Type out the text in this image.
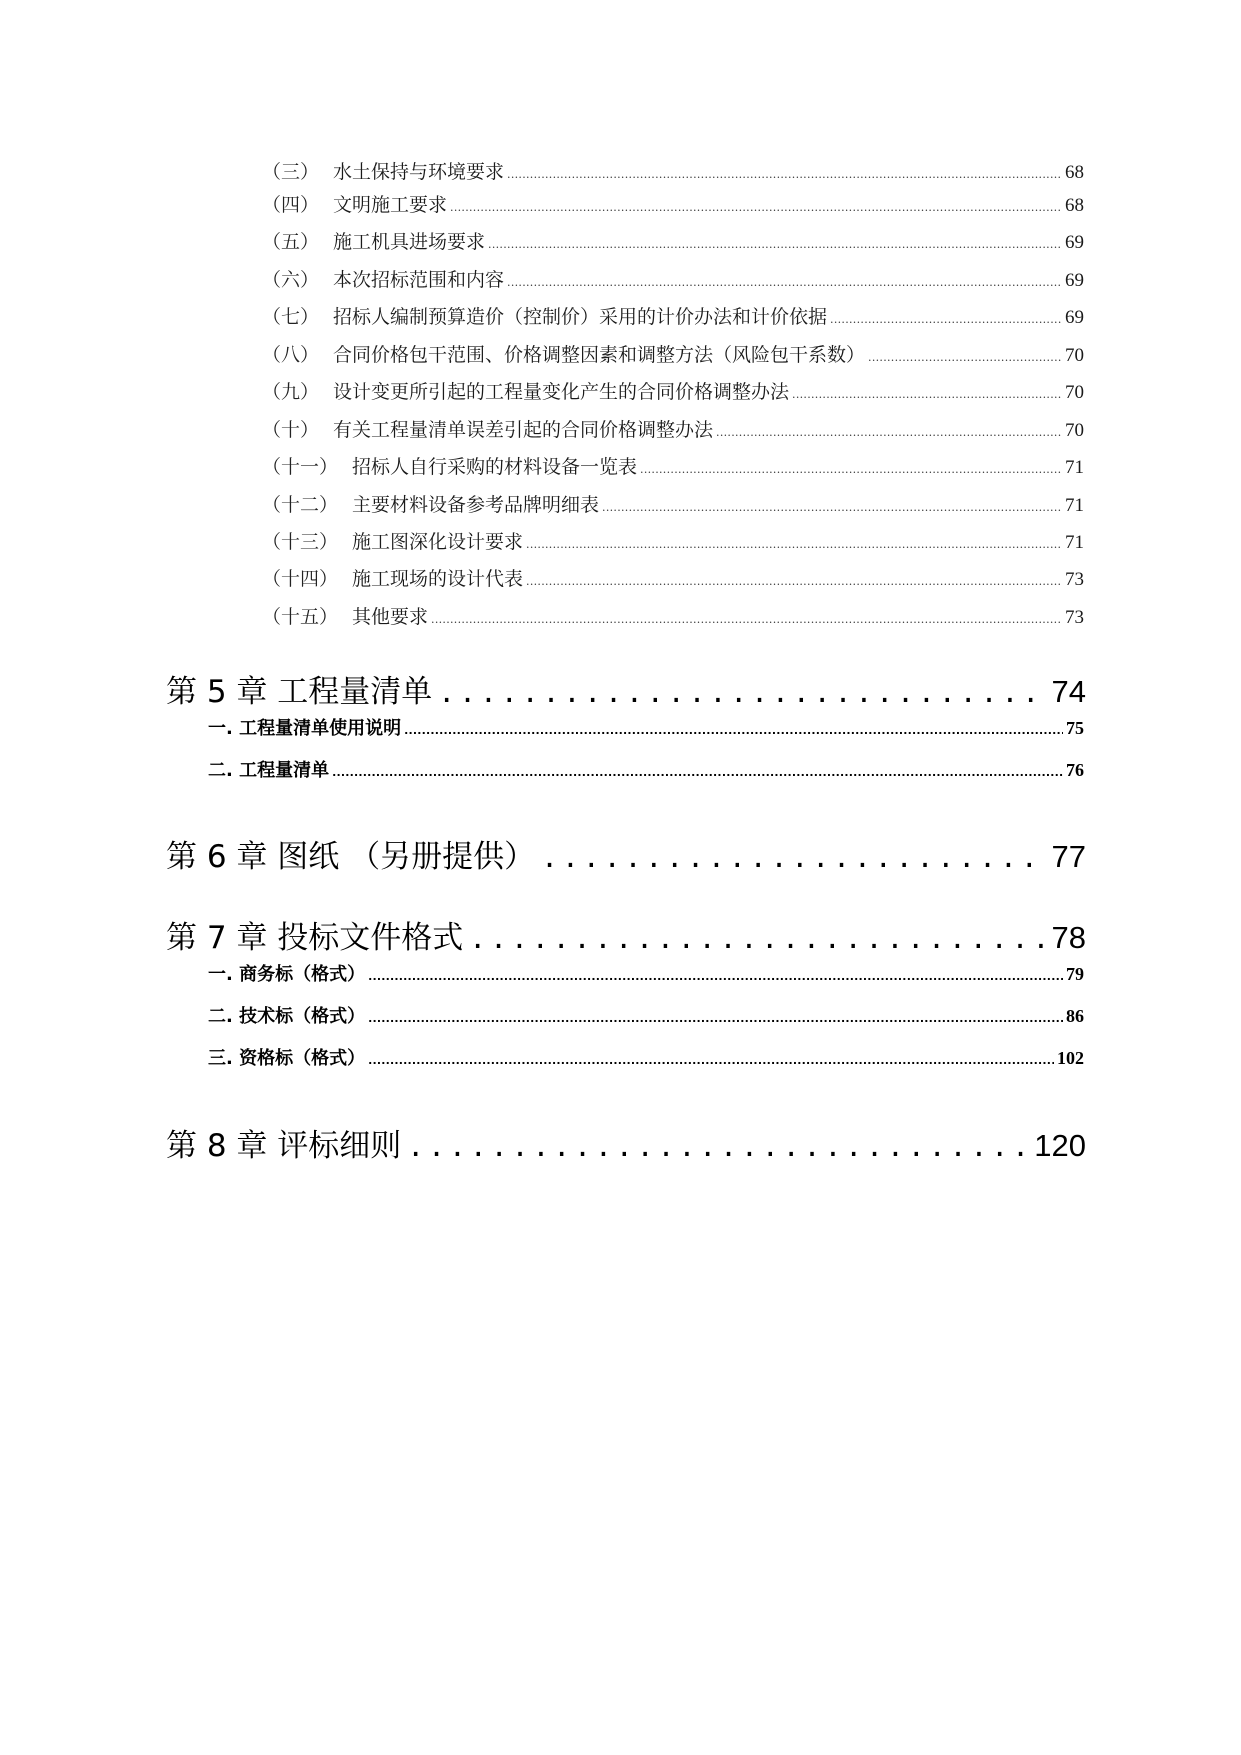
（三） 水土保持与环境要求 .....	68
（四） 文明施工要求 .....	68
（五） 施工机具进场要求 .....	69
（六） 本次招标范围和内容 .....	69
（七） 招标人编制预算造价（控制价）采用的计价办法和计价依据 .....	69
（八） 合同价格包干范围、价格调整因素和调整方法（风险包干系数） .....	70
（九） 设计变更所引起的工程量变化产生的合同价格调整办法 .....	70
（十） 有关工程量清单误差引起的合同价格调整办法 .....	70
（十一） 招标人自行采购的材料设备一览表 .....	71
（十二） 主要材料设备参考品牌明细表 .....	71
（十三） 施工图深化设计要求 .....	71
（十四） 施工现场的设计代表 .....	73
（十五） 其他要求 .....	73
第 5 章 工程量清单 .....	74
一. 工程量清单使用说明 .....	75
二. 工程量清单 .....	76
第 6 章 图纸 （另册提供） .....	77
第 7 章 投标文件格式 .....	78
一. 商务标（格式） .....	79
二. 技术标（格式） .....	86
三. 资格标（格式） .....	102
第 8 章 评标细则 .....	120
